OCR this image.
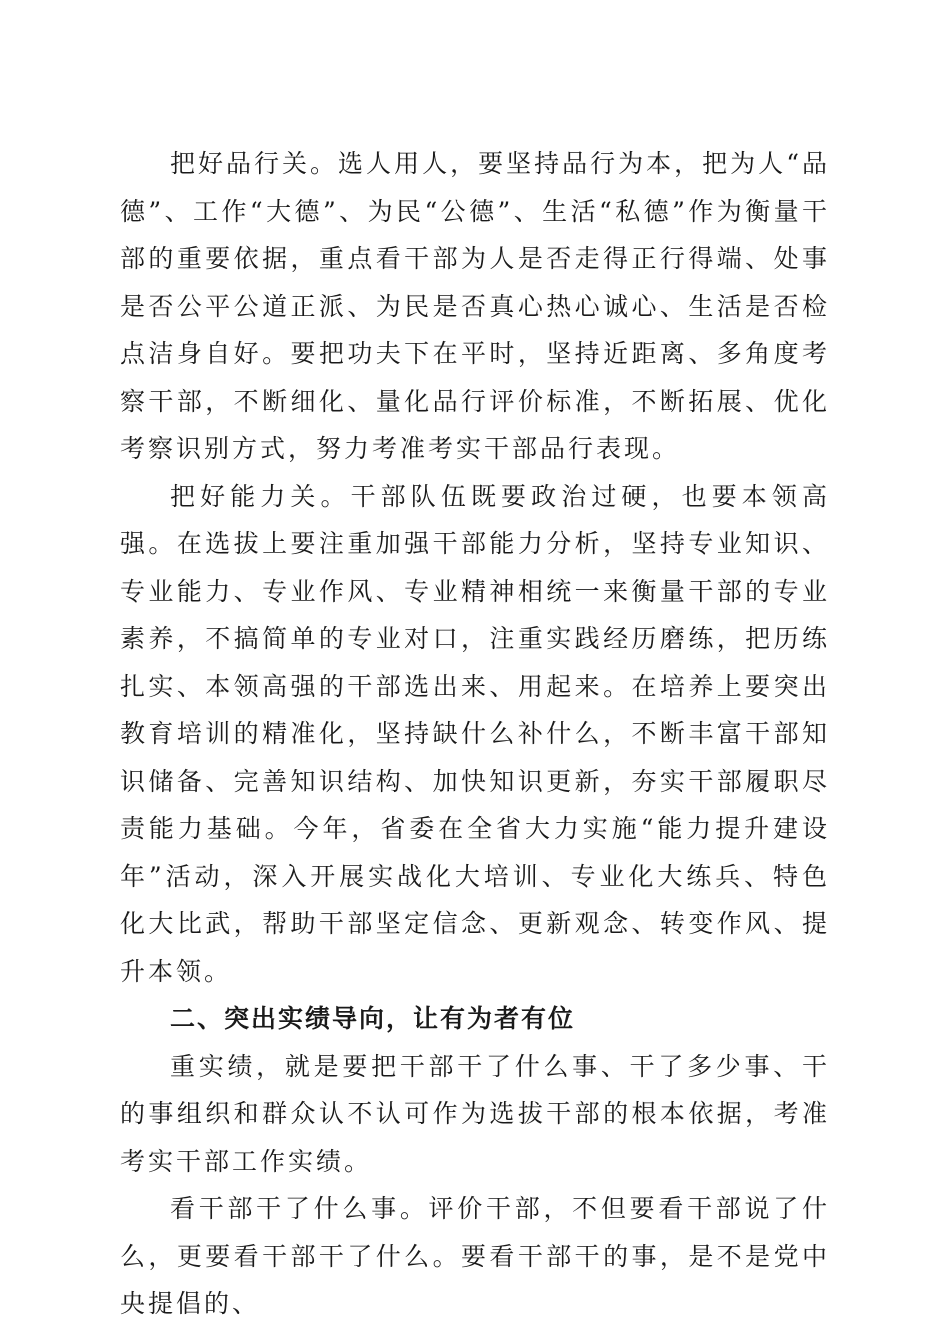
把好品行关。选人用人，要坚持品行为本，把为人“品德”、工作“大德”、为民“公德”、生活“私德”作为衡量干部的重要依据，重点看干部为人是否走得正行得端、处事是否公平公道正派、为民是否真心热心诚心、生活是否检点洁身自好。要把功夫下在平时，坚持近距离、多角度考察干部，不断细化、量化品行评价标准，不断拓展、优化考察识别方式，努力考准考实干部品行表现。

把好能力关。干部队伍既要政治过硬，也要本领高强。在选拔上要注重加强干部能力分析，坚持专业知识、专业能力、专业作风、专业精神相统一来衡量干部的专业素养，不搞简单的专业对口，注重实践经历磨练，把历练扎实、本领高强的干部选出来、用起来。在培养上要突出教育培训的精准化，坚持缺什么补什么，不断丰富干部知识储备、完善知识结构、加快知识更新，夯实干部履职尽责能力基础。今年，省委在全省大力实施“能力提升建设年”活动，深入开展实战化大培训、专业化大练兵、特色化大比武，帮助干部坚定信念、更新观念、转变作风、提升本领。

二、突出实绩导向，让有为者有位

重实绩，就是要把干部干了什么事、干了多少事、干的事组织和群众认不认可作为选拔干部的根本依据，考准考实干部工作实绩。

看干部干了什么事。评价干部，不但要看干部说了什么，更要看干部干了什么。要看干部干的事，是不是党中央提倡的、
